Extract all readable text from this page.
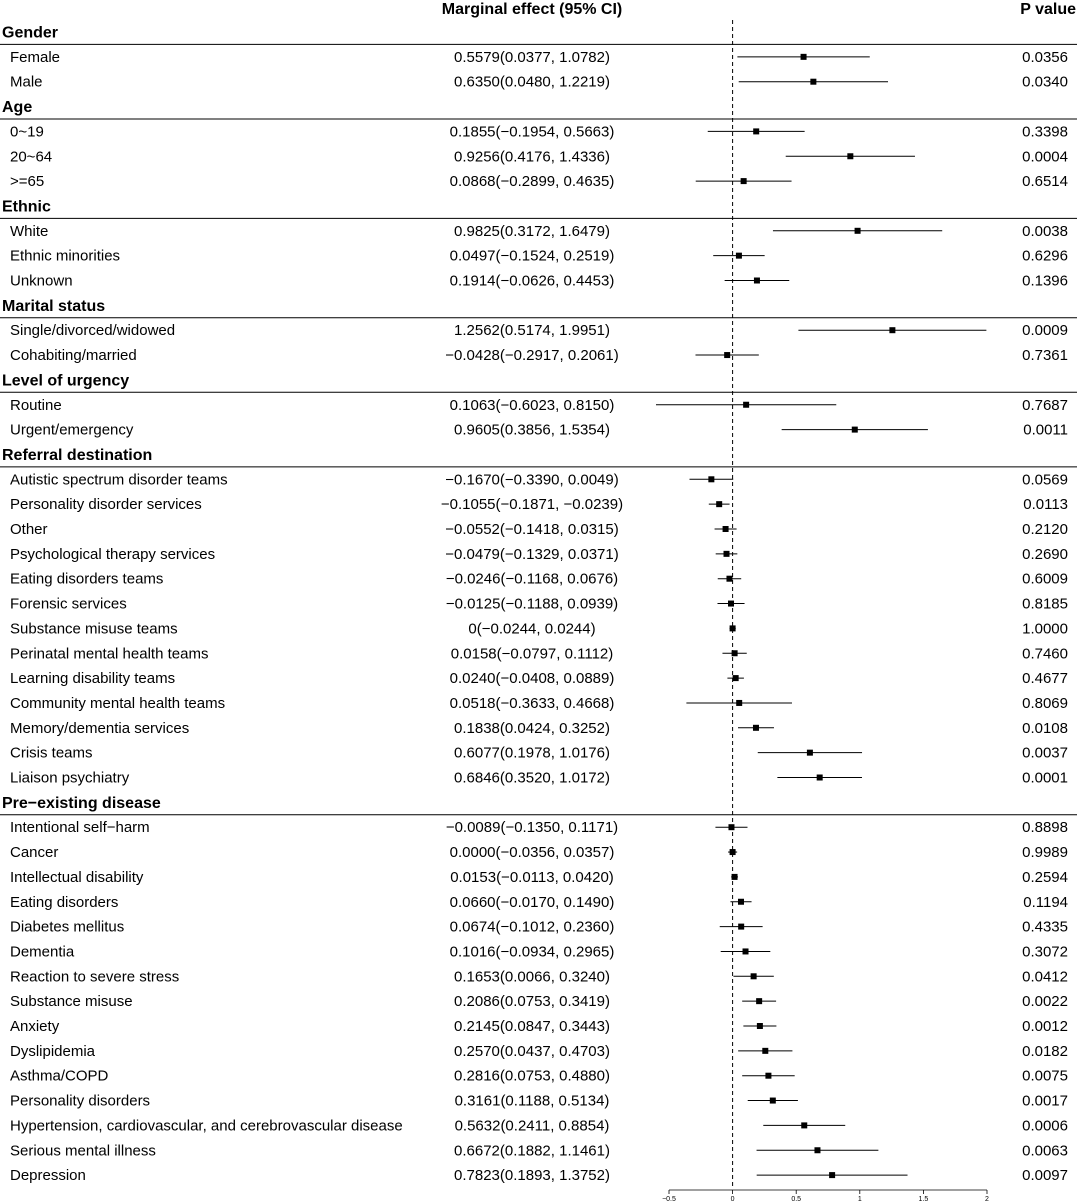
Marginal effect (95% CI)	P value
Gender
Female	0.5579(0.0377, 1.0782)	0.0356
Male	0.6350(0.0480, 1.2219)	0.0340
Age
0~19	0.1855(−0.1954, 0.5663)	0.3398
20~64	0.9256(0.4176, 1.4336)	0.0004
>=65	0.0868(−0.2899, 0.4635)	0.6514
Ethnic
White	0.9825(0.3172, 1.6479)	0.0038
Ethnic minorities	0.0497(−0.1524, 0.2519)	0.6296
Unknown	0.1914(−0.0626, 0.4453)	0.1396
Marital status
Single/divorced/widowed	1.2562(0.5174, 1.9951)	0.0009
Cohabiting/married	−0.0428(−0.2917, 0.2061)	0.7361
Level of urgency
Routine	0.1063(−0.6023, 0.8150)	0.7687
Urgent/emergency	0.9605(0.3856, 1.5354)	0.0011
Referral destination
Autistic spectrum disorder teams	−0.1670(−0.3390, 0.0049)	0.0569
Personality disorder services	−0.1055(−0.1871, −0.0239)	0.0113
Other	−0.0552(−0.1418, 0.0315)	0.2120
Psychological therapy services	−0.0479(−0.1329, 0.0371)	0.2690
Eating disorders teams	−0.0246(−0.1168, 0.0676)	0.6009
Forensic services	−0.0125(−0.1188, 0.0939)	0.8185
Substance misuse teams	0(−0.0244, 0.0244)	1.0000
Perinatal mental health teams	0.0158(−0.0797, 0.1112)	0.7460
Learning disability teams	0.0240(−0.0408, 0.0889)	0.4677
Community mental health teams	0.0518(−0.3633, 0.4668)	0.8069
Memory/dementia services	0.1838(0.0424, 0.3252)	0.0108
Crisis teams	0.6077(0.1978, 1.0176)	0.0037
Liaison psychiatry	0.6846(0.3520, 1.0172)	0.0001
Pre−existing disease
Intentional self−harm	−0.0089(−0.1350, 0.1171)	0.8898
Cancer	0.0000(−0.0356, 0.0357)	0.9989
Intellectual disability	0.0153(−0.0113, 0.0420)	0.2594
Eating disorders	0.0660(−0.0170, 0.1490)	0.1194
Diabetes mellitus	0.0674(−0.1012, 0.2360)	0.4335
Dementia	0.1016(−0.0934, 0.2965)	0.3072
Reaction to severe stress	0.1653(0.0066, 0.3240)	0.0412
Substance misuse	0.2086(0.0753, 0.3419)	0.0022
Anxiety	0.2145(0.0847, 0.3443)	0.0012
Dyslipidemia	0.2570(0.0437, 0.4703)	0.0182
Asthma/COPD	0.2816(0.0753, 0.4880)	0.0075
Personality disorders	0.3161(0.1188, 0.5134)	0.0017
Hypertension, cardiovascular, and cerebrovascular disease	0.5632(0.2411, 0.8854)	0.0006
Serious mental illness	0.6672(0.1882, 1.1461)	0.0063
Depression	0.7823(0.1893, 1.3752)	0.0097
−0.5	0	0.5	1	1.5	2
